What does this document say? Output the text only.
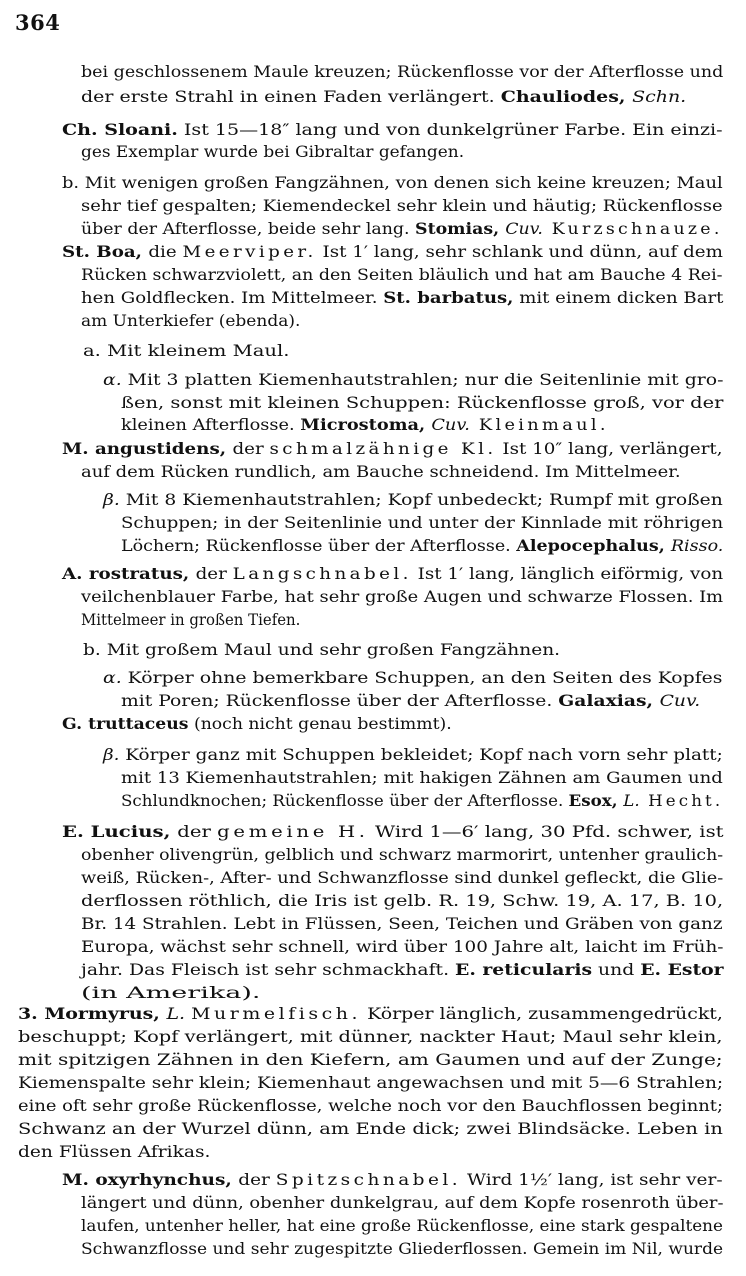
364
bei geschlossenem Maule kreuzen; Rückenflosse vor der Afterflosse und
der erste Strahl in einen Faden verlängert. Chauliodes, Schn.
Ch. Sloani. Ist 15—18″ lang und von dunkelgrüner Farbe. Ein einzi-
ges Exemplar wurde bei Gibraltar gefangen.
b. Mit wenigen großen Fangzähnen, von denen sich keine kreuzen; Maul
sehr tief gespalten; Kiemendeckel sehr klein und häutig; Rückenflosse
über der Afterflosse, beide sehr lang. Stomias, Cuv. Kurzschnauze.
St. Boa, die Meerviper. Ist 1′ lang, sehr schlank und dünn, auf dem
Rücken schwarzviolett, an den Seiten bläulich und hat am Bauche 4 Rei-
hen Goldflecken. Im Mittelmeer. St. barbatus, mit einem dicken Bart
am Unterkiefer (ebenda).
a. Mit kleinem Maul.
α. Mit 3 platten Kiemenhautstrahlen; nur die Seitenlinie mit gro-
ßen, sonst mit kleinen Schuppen: Rückenflosse groß, vor der
kleinen Afterflosse. Microstoma, Cuv. Kleinmaul.
M. angustidens, der schmalzähnige Kl. Ist 10″ lang, verlängert,
auf dem Rücken rundlich, am Bauche schneidend. Im Mittelmeer.
β. Mit 8 Kiemenhautstrahlen; Kopf unbedeckt; Rumpf mit großen
Schuppen; in der Seitenlinie und unter der Kinnlade mit röhrigen
Löchern; Rückenflosse über der Afterflosse. Alepocephalus, Risso.
A. rostratus, der Langschnabel. Ist 1′ lang, länglich eiförmig, von
veilchenblauer Farbe, hat sehr große Augen und schwarze Flossen. Im
Mittelmeer in großen Tiefen.
b. Mit großem Maul und sehr großen Fangzähnen.
α. Körper ohne bemerkbare Schuppen, an den Seiten des Kopfes
mit Poren; Rückenflosse über der Afterflosse. Galaxias, Cuv.
G. truttaceus (noch nicht genau bestimmt).
β. Körper ganz mit Schuppen bekleidet; Kopf nach vorn sehr platt;
mit 13 Kiemenhautstrahlen; mit hakigen Zähnen am Gaumen und
Schlundknochen; Rückenflosse über der Afterflosse. Esox, L. Hecht.
E. Lucius, der gemeine H. Wird 1—6′ lang, 30 Pfd. schwer, ist
obenher olivengrün, gelblich und schwarz marmorirt, untenher graulich-
weiß, Rücken-, After- und Schwanzflosse sind dunkel gefleckt, die Glie-
derflossen röthlich, die Iris ist gelb. R. 19, Schw. 19, A. 17, B. 10,
Br. 14 Strahlen. Lebt in Flüssen, Seen, Teichen und Gräben von ganz
Europa, wächst sehr schnell, wird über 100 Jahre alt, laicht im Früh-
jahr. Das Fleisch ist sehr schmackhaft. E. reticularis und E. Estor
(in Amerika).
3. Mormyrus, L. Murmelfisch. Körper länglich, zusammengedrückt,
beschuppt; Kopf verlängert, mit dünner, nackter Haut; Maul sehr klein,
mit spitzigen Zähnen in den Kiefern, am Gaumen und auf der Zunge;
Kiemenspalte sehr klein; Kiemenhaut angewachsen und mit 5—6 Strahlen;
eine oft sehr große Rückenflosse, welche noch vor den Bauchflossen beginnt;
Schwanz an der Wurzel dünn, am Ende dick; zwei Blindsäcke. Leben in
den Flüssen Afrikas.
M. oxyrhynchus, der Spitzschnabel. Wird 1½′ lang, ist sehr ver-
längert und dünn, obenher dunkelgrau, auf dem Kopfe rosenroth über-
laufen, untenher heller, hat eine große Rückenflosse, eine stark gespaltene
Schwanzflosse und sehr zugespitzte Gliederflossen. Gemein im Nil, wurde
